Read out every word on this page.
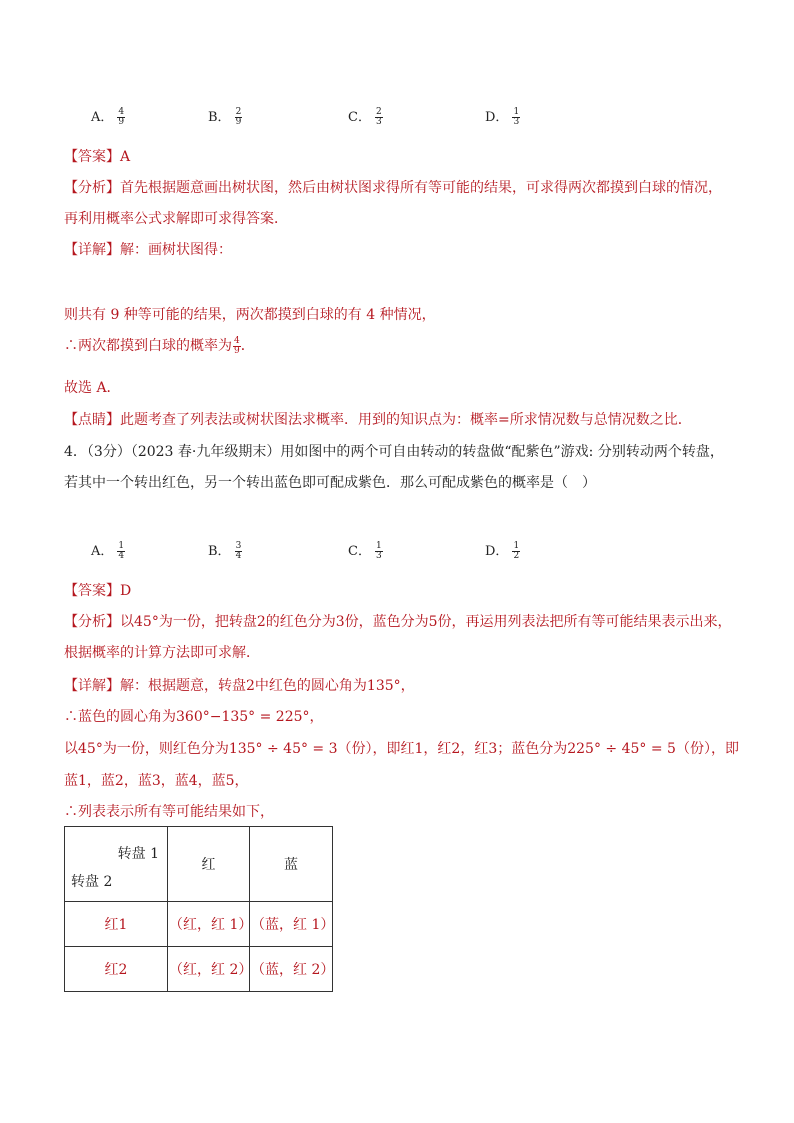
A． $\frac{4}{9}$	B． $\frac{2}{9}$	C． $\frac{2}{3}$	D． $\frac{1}{3}$
【答案】A
【分析】首先根据题意画出树状图，然后由树状图求得所有等可能的结果，可求得两次都摸到白球的情况，
再利用概率公式求解即可求得答案．
【详解】解：画树状图得：
则共有 9 种等可能的结果，两次都摸到白球的有 4 种情况，
∴两次都摸到白球的概率为 $\frac{4}{9}$ ．
故选 A．
【点睛】此题考查了列表法或树状图法求概率．用到的知识点为：概率=所求情况数与总情况数之比．
4．（3分）（2023 春·九年级期末）用如图中的两个可自由转动的转盘做“配紫色”游戏: 分别转动两个转盘，
若其中一个转出红色，另一个转出蓝色即可配成紫色．那么可配成紫色的概率是（　）
A． $\frac{1}{4}$	B． $\frac{3}{4}$	C． $\frac{1}{3}$	D． $\frac{1}{2}$
【答案】D
【分析】以45°为一份，把转盘2的红色分为3份，蓝色分为5份，再运用列表法把所有等可能结果表示出来，
根据概率的计算方法即可求解．
【详解】解：根据题意，转盘2中红色的圆心角为135°，
∴蓝色的圆心角为360°−135° = 225°，
以45°为一份，则红色分为135° ÷ 45° = 3（份），即红1，红2，红3；蓝色分为225° ÷ 45° = 5（份），即
蓝1，蓝2，蓝3，蓝4，蓝5，
∴列表表示所有等可能结果如下，
转盘 1
转盘 2	红	蓝
红1	（红，红 1）	（蓝，红 1）
红2	（红，红 2）	（蓝，红 2）
